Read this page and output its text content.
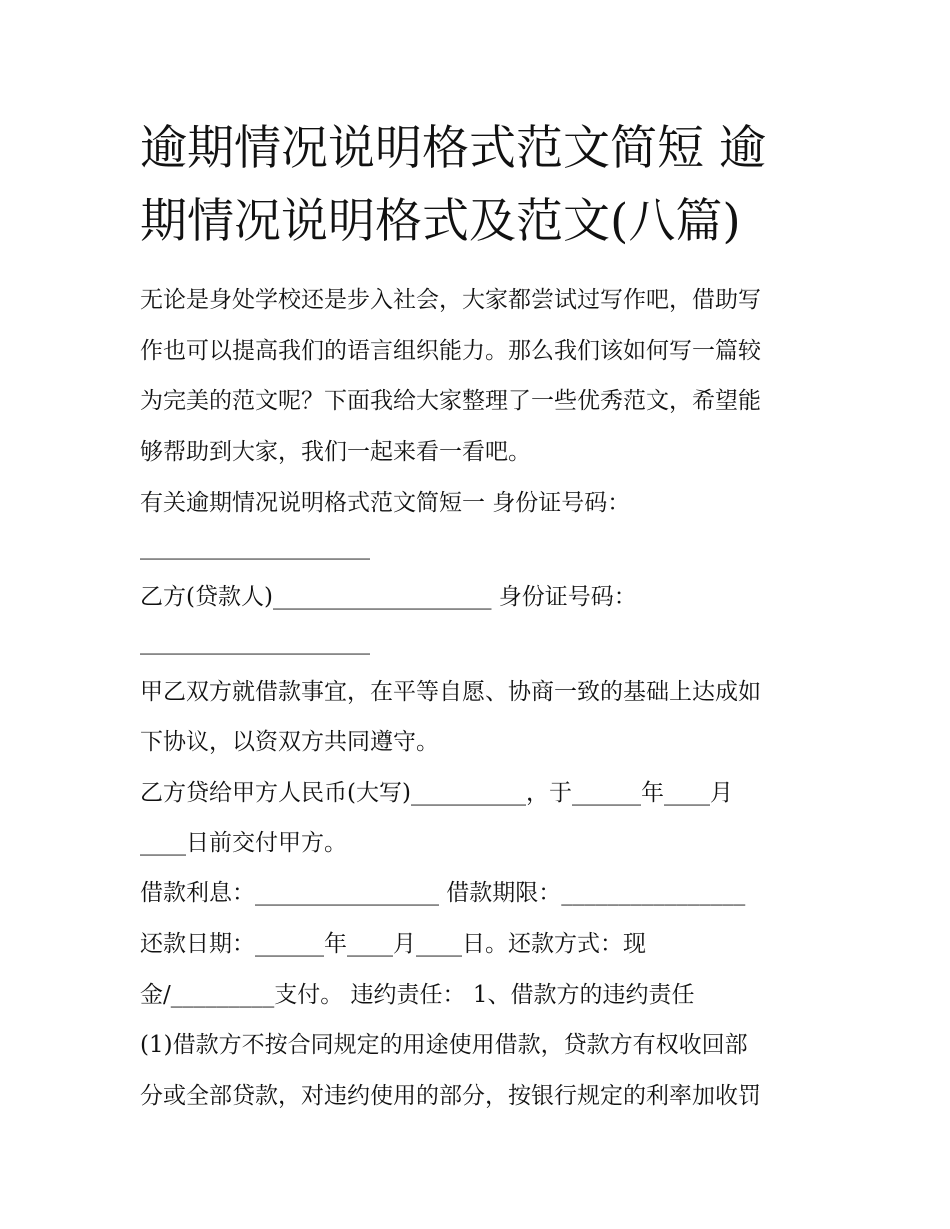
逾期情况说明格式范文简短 逾
期情况说明格式及范文(八篇)

无论是身处学校还是步入社会，大家都尝试过写作吧，借助写

作也可以提高我们的语言组织能力。那么我们该如何写一篇较

为完美的范文呢？下面我给大家整理了一些优秀范文，希望能

够帮助到大家，我们一起来看一看吧。

有关逾期情况说明格式范文简短一 身份证号码：

____________________

乙方(贷款人)___________________ 身份证号码：

____________________

甲乙双方就借款事宜，在平等自愿、协商一致的基础上达成如

下协议，以资双方共同遵守。

乙方贷给甲方人民币(大写)__________，于______年____月

____日前交付甲方。

借款利息：________________ 借款期限：________________

还款日期：______年____月____日。还款方式：现

金/_________支付。 违约责任： 1、借款方的违约责任

(1)借款方不按合同规定的用途使用借款，贷款方有权收回部

分或全部贷款，对违约使用的部分，按银行规定的利率加收罚
